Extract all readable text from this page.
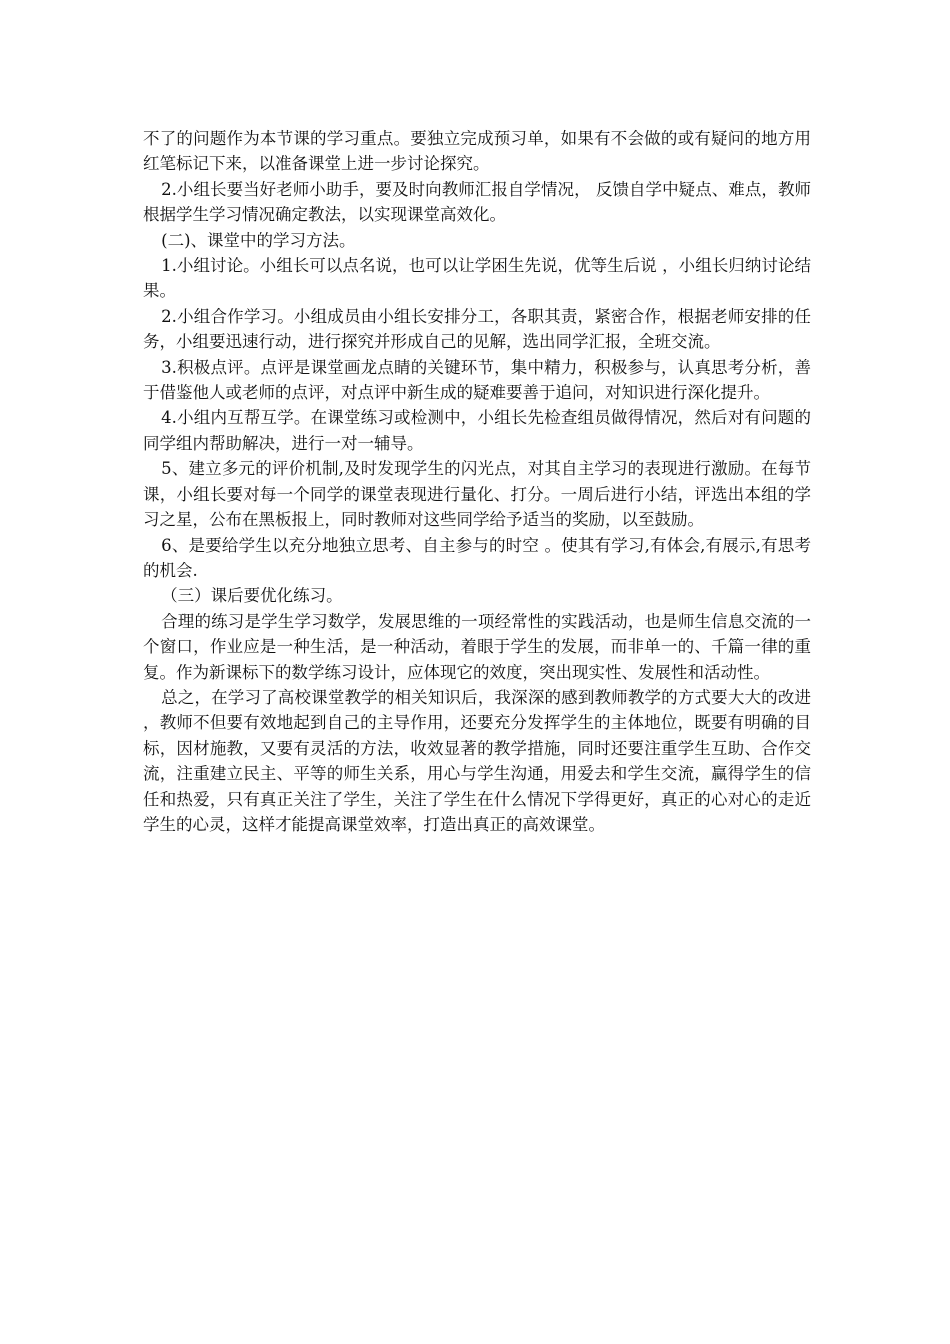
不了的问题作为本节课的学习重点。要独立完成预习单，如果有不会做的或有疑问的地方用红笔标记下来，以准备课堂上进一步讨论探究。

2.小组长要当好老师小助手，要及时向教师汇报自学情况， 反馈自学中疑点、难点，教师根据学生学习情况确定教法，以实现课堂高效化。

(二)、课堂中的学习方法。

1.小组讨论。小组长可以点名说，也可以让学困生先说，优等生后说 ，小组长归纳讨论结果。

2.小组合作学习。小组成员由小组长安排分工，各职其责，紧密合作，根据老师安排的任务，小组要迅速行动，进行探究并形成自己的见解，选出同学汇报，全班交流。

3.积极点评。点评是课堂画龙点睛的关键环节，集中精力，积极参与，认真思考分析，善于借鉴他人或老师的点评，对点评中新生成的疑难要善于追问，对知识进行深化提升。

4.小组内互帮互学。在课堂练习或检测中，小组长先检查组员做得情况，然后对有问题的同学组内帮助解决，进行一对一辅导。

5、建立多元的评价机制,及时发现学生的闪光点，对其自主学习的表现进行激励。在每节课，小组长要对每一个同学的课堂表现进行量化、打分。一周后进行小结，评选出本组的学习之星，公布在黑板报上，同时教师对这些同学给予适当的奖励，以至鼓励。

6、是要给学生以充分地独立思考、自主参与的时空 。使其有学习,有体会,有展示,有思考的机会.

（三）课后要优化练习。

合理的练习是学生学习数学，发展思维的一项经常性的实践活动，也是师生信息交流的一个窗口，作业应是一种生活，是一种活动，着眼于学生的发展，而非单一的、千篇一律的重复。作为新课标下的数学练习设计，应体现它的效度，突出现实性、发展性和活动性。

总之，在学习了高校课堂教学的相关知识后，我深深的感到教师教学的方式要大大的改进，教师不但要有效地起到自己的主导作用，还要充分发挥学生的主体地位，既要有明确的目标，因材施教，又要有灵活的方法，收效显著的教学措施，同时还要注重学生互助、合作交流，注重建立民主、平等的师生关系，用心与学生沟通，用爱去和学生交流，赢得学生的信任和热爱，只有真正关注了学生，关注了学生在什么情况下学得更好，真正的心对心的走近学生的心灵，这样才能提高课堂效率，打造出真正的高效课堂。
